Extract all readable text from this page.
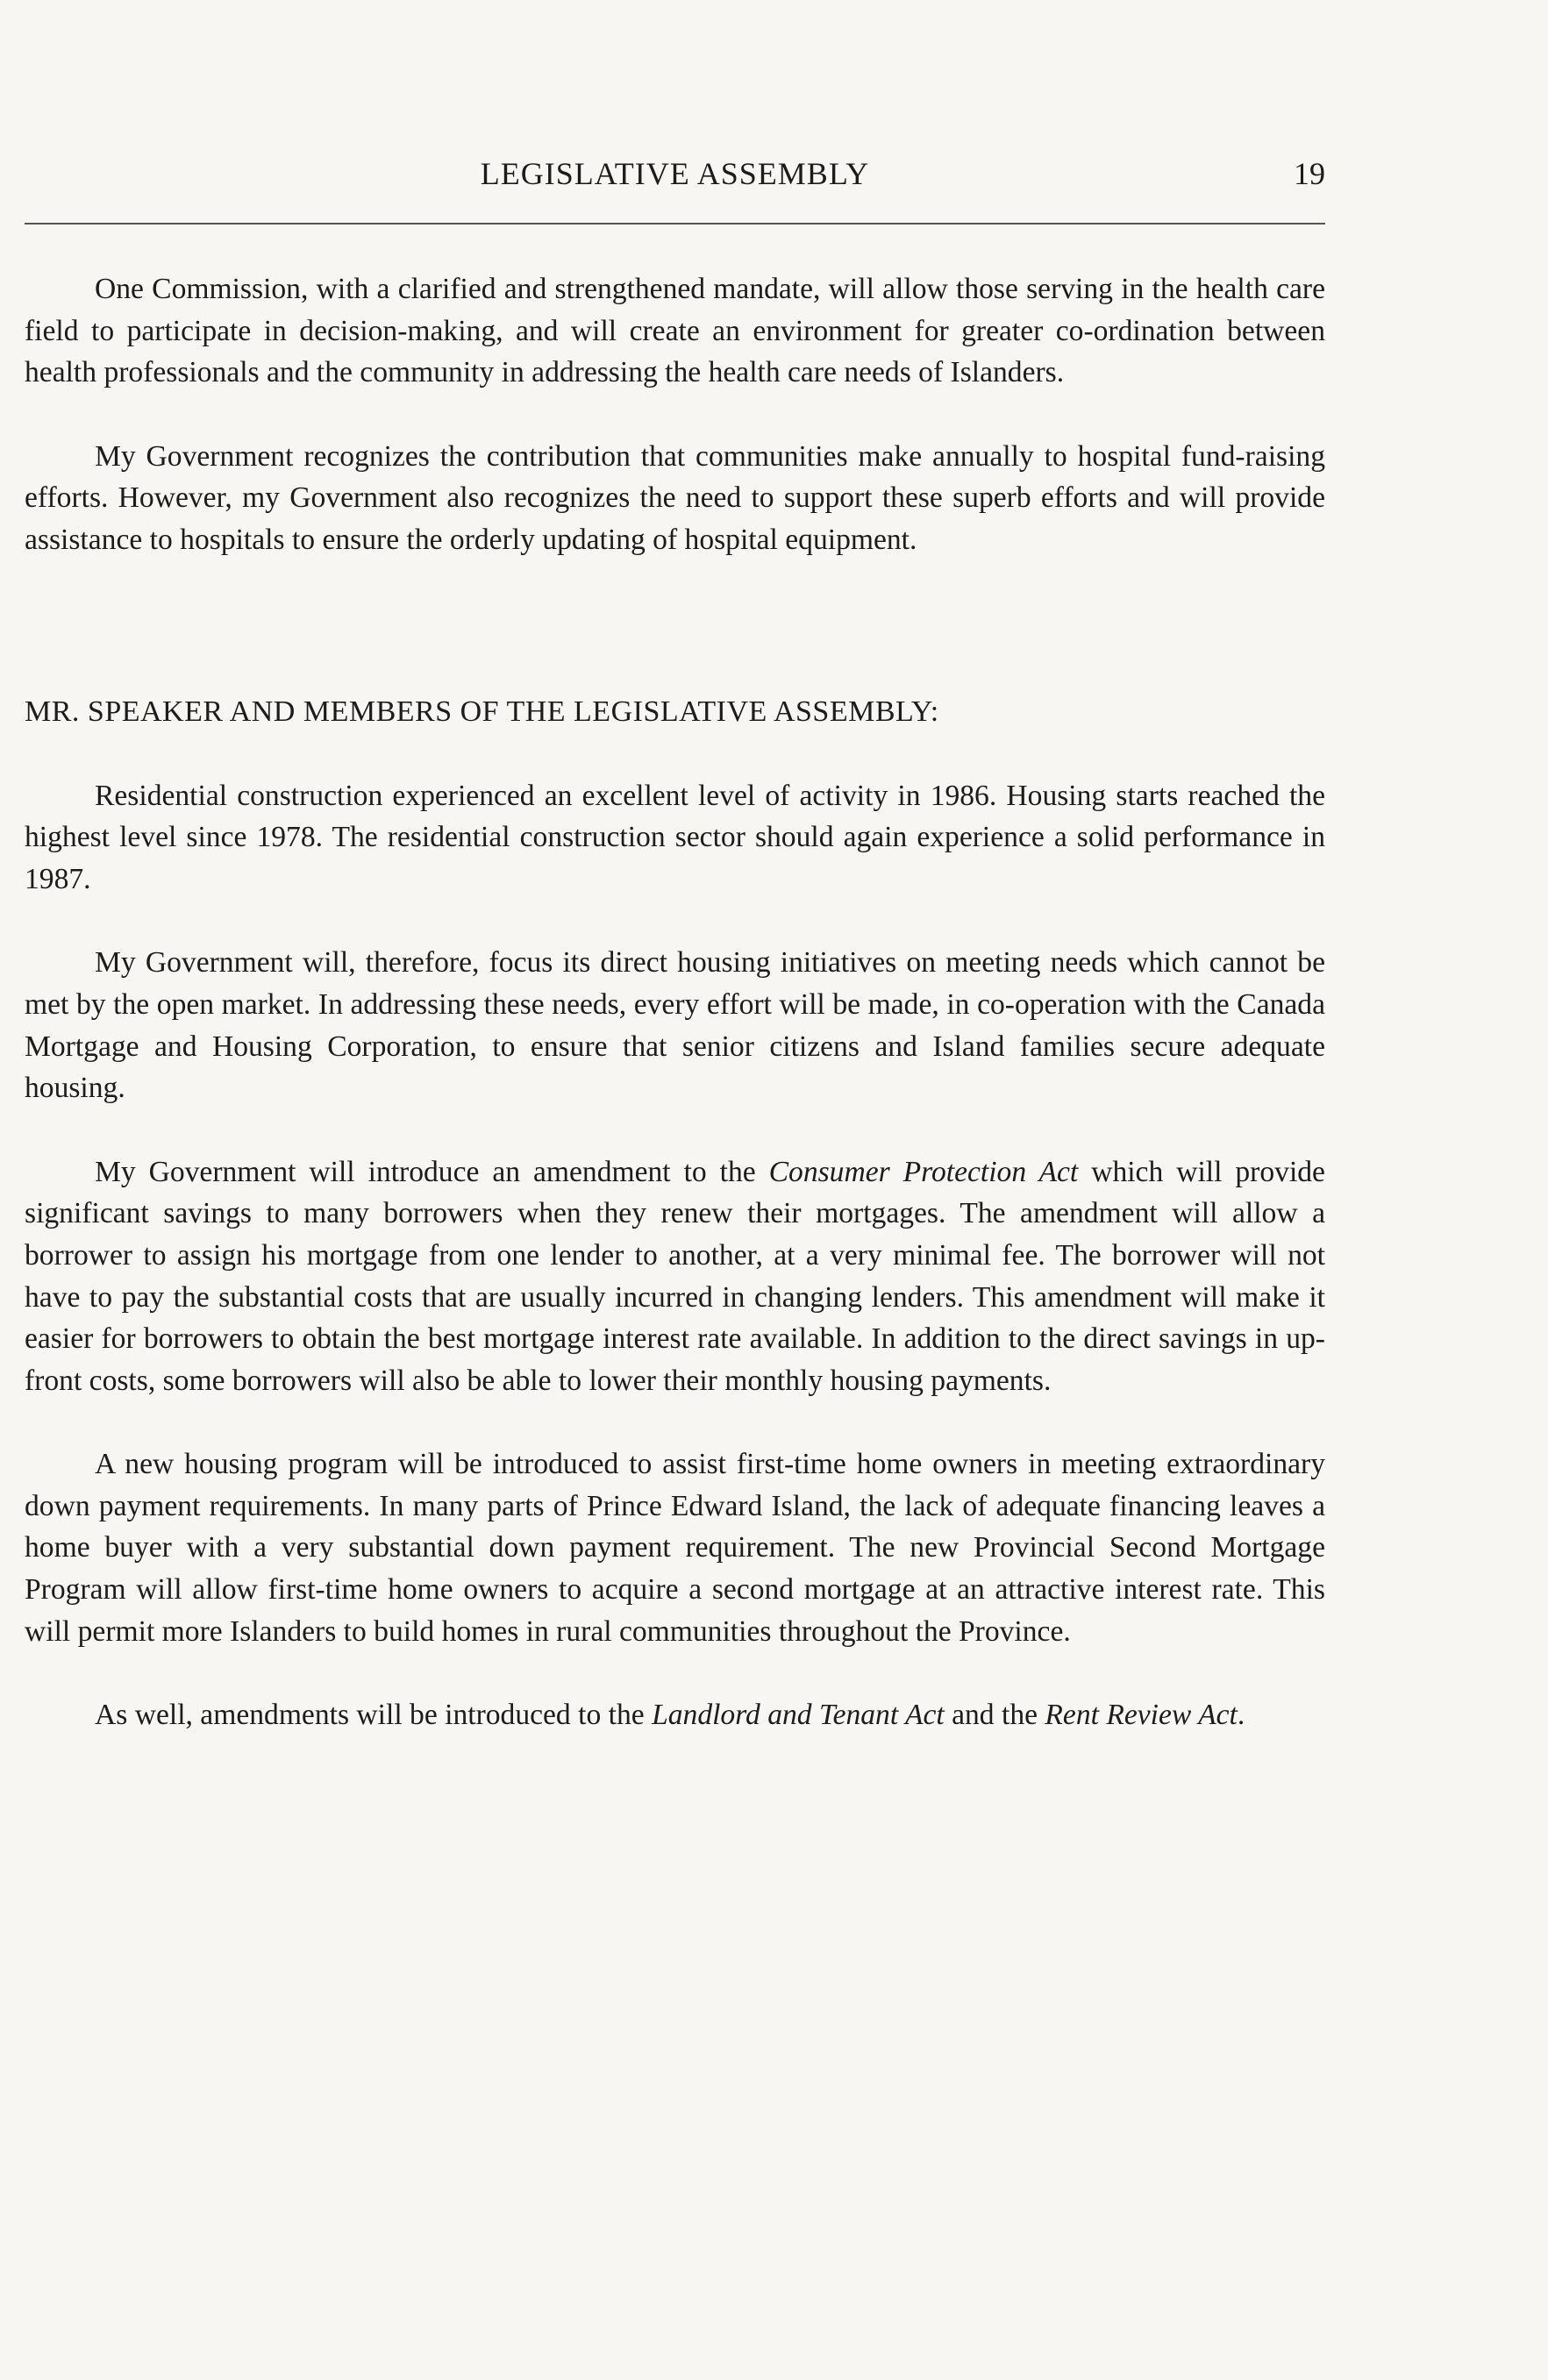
LEGISLATIVE ASSEMBLY	19

One Commission, with a clarified and strengthened mandate, will allow those serving in the health care field to participate in decision-making, and will create an environment for greater co-ordination between health professionals and the community in addressing the health care needs of Islanders.

My Government recognizes the contribution that communities make annually to hospital fund-raising efforts. However, my Government also recognizes the need to support these superb efforts and will provide assistance to hospitals to ensure the orderly updating of hospital equipment.

MR. SPEAKER AND MEMBERS OF THE LEGISLATIVE ASSEMBLY:

Residential construction experienced an excellent level of activity in 1986. Housing starts reached the highest level since 1978. The residential construction sector should again experience a solid performance in 1987.

My Government will, therefore, focus its direct housing initiatives on meeting needs which cannot be met by the open market. In addressing these needs, every effort will be made, in co-operation with the Canada Mortgage and Housing Corporation, to ensure that senior citizens and Island families secure adequate housing.

My Government will introduce an amendment to the Consumer Protection Act which will provide significant savings to many borrowers when they renew their mortgages. The amendment will allow a borrower to assign his mortgage from one lender to another, at a very minimal fee. The borrower will not have to pay the substantial costs that are usually incurred in changing lenders. This amendment will make it easier for borrowers to obtain the best mortgage interest rate available. In addition to the direct savings in up-front costs, some borrowers will also be able to lower their monthly housing payments.

A new housing program will be introduced to assist first-time home owners in meeting extraordinary down payment requirements. In many parts of Prince Edward Island, the lack of adequate financing leaves a home buyer with a very substantial down payment requirement. The new Provincial Second Mortgage Program will allow first-time home owners to acquire a second mortgage at an attractive interest rate. This will permit more Islanders to build homes in rural communities throughout the Province.

As well, amendments will be introduced to the Landlord and Tenant Act and the Rent Review Act.
